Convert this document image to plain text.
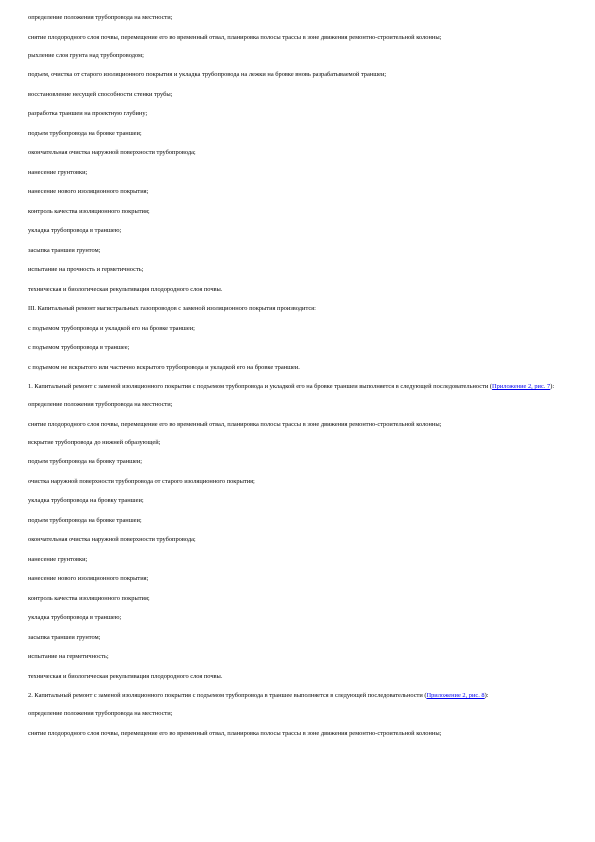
определение положения трубопровода на местности;

снятие плодородного слоя почвы, перемещение его во временный отвал, планировка полосы трассы в зоне движения ремонтно-строительной колонны;

рыхление слоя грунта над трубопроводом;

подъем, очистка от старого изоляционного покрытия и укладка трубопровода на лежки на бровке вновь разрабатываемой траншеи;

восстановление несущей способности стенки трубы;

разработка траншеи на проектную глубину;

подъем трубопровода на бровке траншеи;

окончательная очистка наружной поверхности трубопровода;

нанесение грунтовки;

нанесение нового изоляционного покрытия;

контроль качества изоляционного покрытия;

укладка трубопровода в траншею;

засыпка траншеи грунтом;

испытание на прочность и герметичность;

техническая и биологическая рекультивация плодородного слоя почвы.

III. Капитальный ремонт магистральных газопроводов с заменой изоляционного покрытия производится:

с подъемом трубопровода и укладкой его на бровке траншеи;

с подъемом трубопровода в траншее;

с подъемом не вскрытого или частично вскрытого трубопровода и укладкой его на бровке траншеи.

1. Капитальный ремонт с заменой изоляционного покрытия с подъемом трубопровода и укладкой его на бровке траншеи выполняется в следующей последовательности (Приложение 2, рис. 7):

определение положения трубопровода на местности;

снятие плодородного слоя почвы, перемещение его во временный отвал, планировка полосы трассы в зоне движения ремонтно-строительной колонны;

вскрытие трубопровода до нижней образующей;

подъем трубопровода на бровку траншеи;

очистка наружной поверхности трубопровода от старого изоляционного покрытия;

укладка трубопровода на бровку траншеи;

подъем трубопровода на бровке траншеи;

окончательная очистка наружной поверхности трубопровода;

нанесение грунтовки;

нанесение нового изоляционного покрытия;

контроль качества изоляционного покрытия;

укладка трубопровода в траншею;

засыпка траншеи грунтом;

испытание на герметичность;

техническая и биологическая рекультивация плодородного слоя почвы.

2. Капитальный ремонт с заменой изоляционного покрытия с подъемом трубопровода в траншее выполняется в следующей последовательности (Приложение 2, рис. 8):

определение положения трубопровода на местности;

снятие плодородного слоя почвы, перемещение его во временный отвал, планировка полосы трассы в зоне движения ремонтно-строительной колонны;
